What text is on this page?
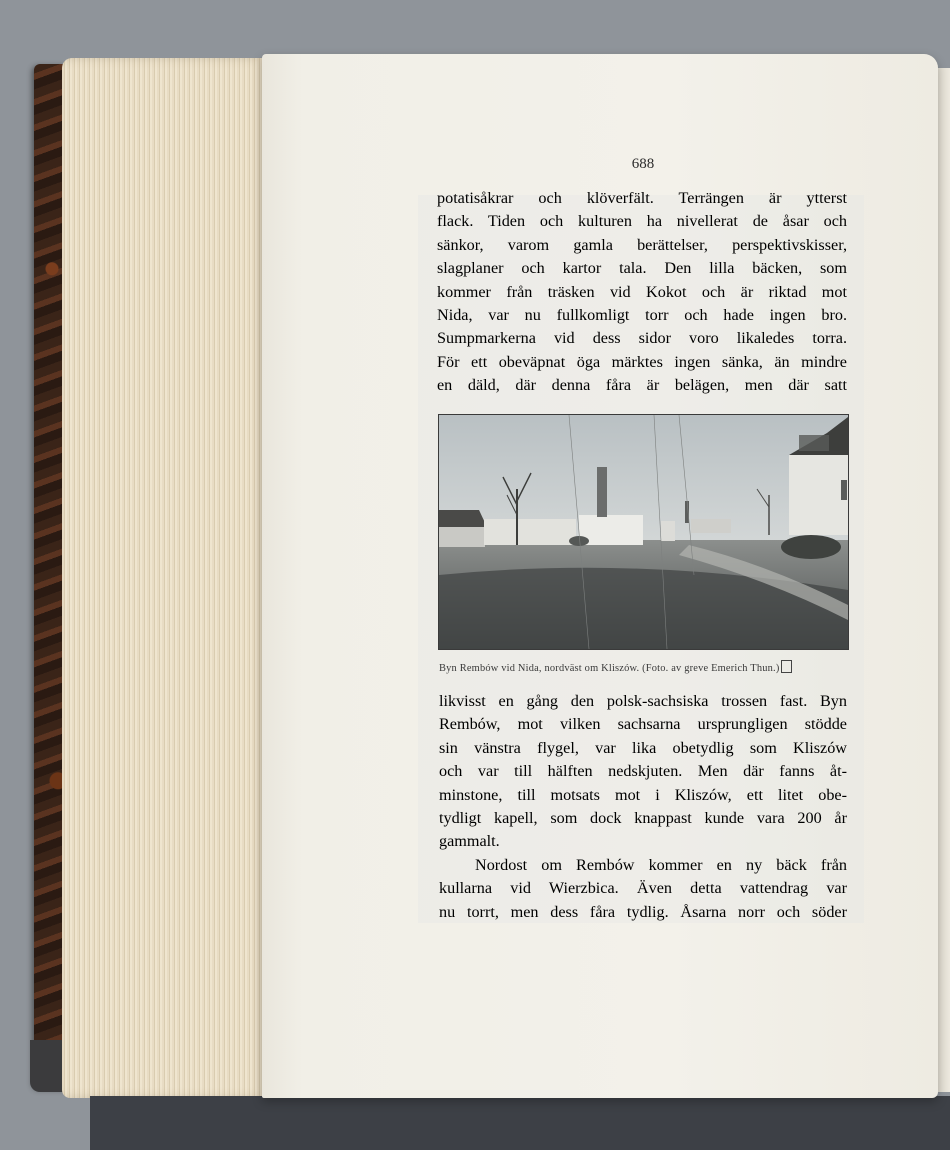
688

potatisåkrar och klöverfält. Terrängen är ytterst
flack. Tiden och kulturen ha nivellerat de åsar och
sänkor, varom gamla berättelser, perspektivskisser,
slagplaner och kartor tala. Den lilla bäcken, som
kommer från träsken vid Kokot och är riktad mot
Nida, var nu fullkomligt torr och hade ingen bro.
Sumpmarkerna vid dess sidor voro likaledes torra.
För ett obeväpnat öga märktes ingen sänka, än mindre
en däld, där denna fåra är belägen, men där satt

Byn Rembów vid Nida, nordväst om Kliszów. (Foto. av greve Emerich Thun.)

likvisst en gång den polsk-sachsiska trossen fast. Byn
Rembów, mot vilken sachsarna ursprungligen stödde
sin vänstra flygel, var lika obetydlig som Kliszów
och var till hälften nedskjuten. Men där fanns åt-
minstone, till motsats mot i Kliszów, ett litet obe-
tydligt kapell, som dock knappast kunde vara 200 år
gammalt.

Nordost om Rembów kommer en ny bäck från
kullarna vid Wierzbica. Även detta vattendrag var
nu torrt, men dess fåra tydlig. Åsarna norr och söder
